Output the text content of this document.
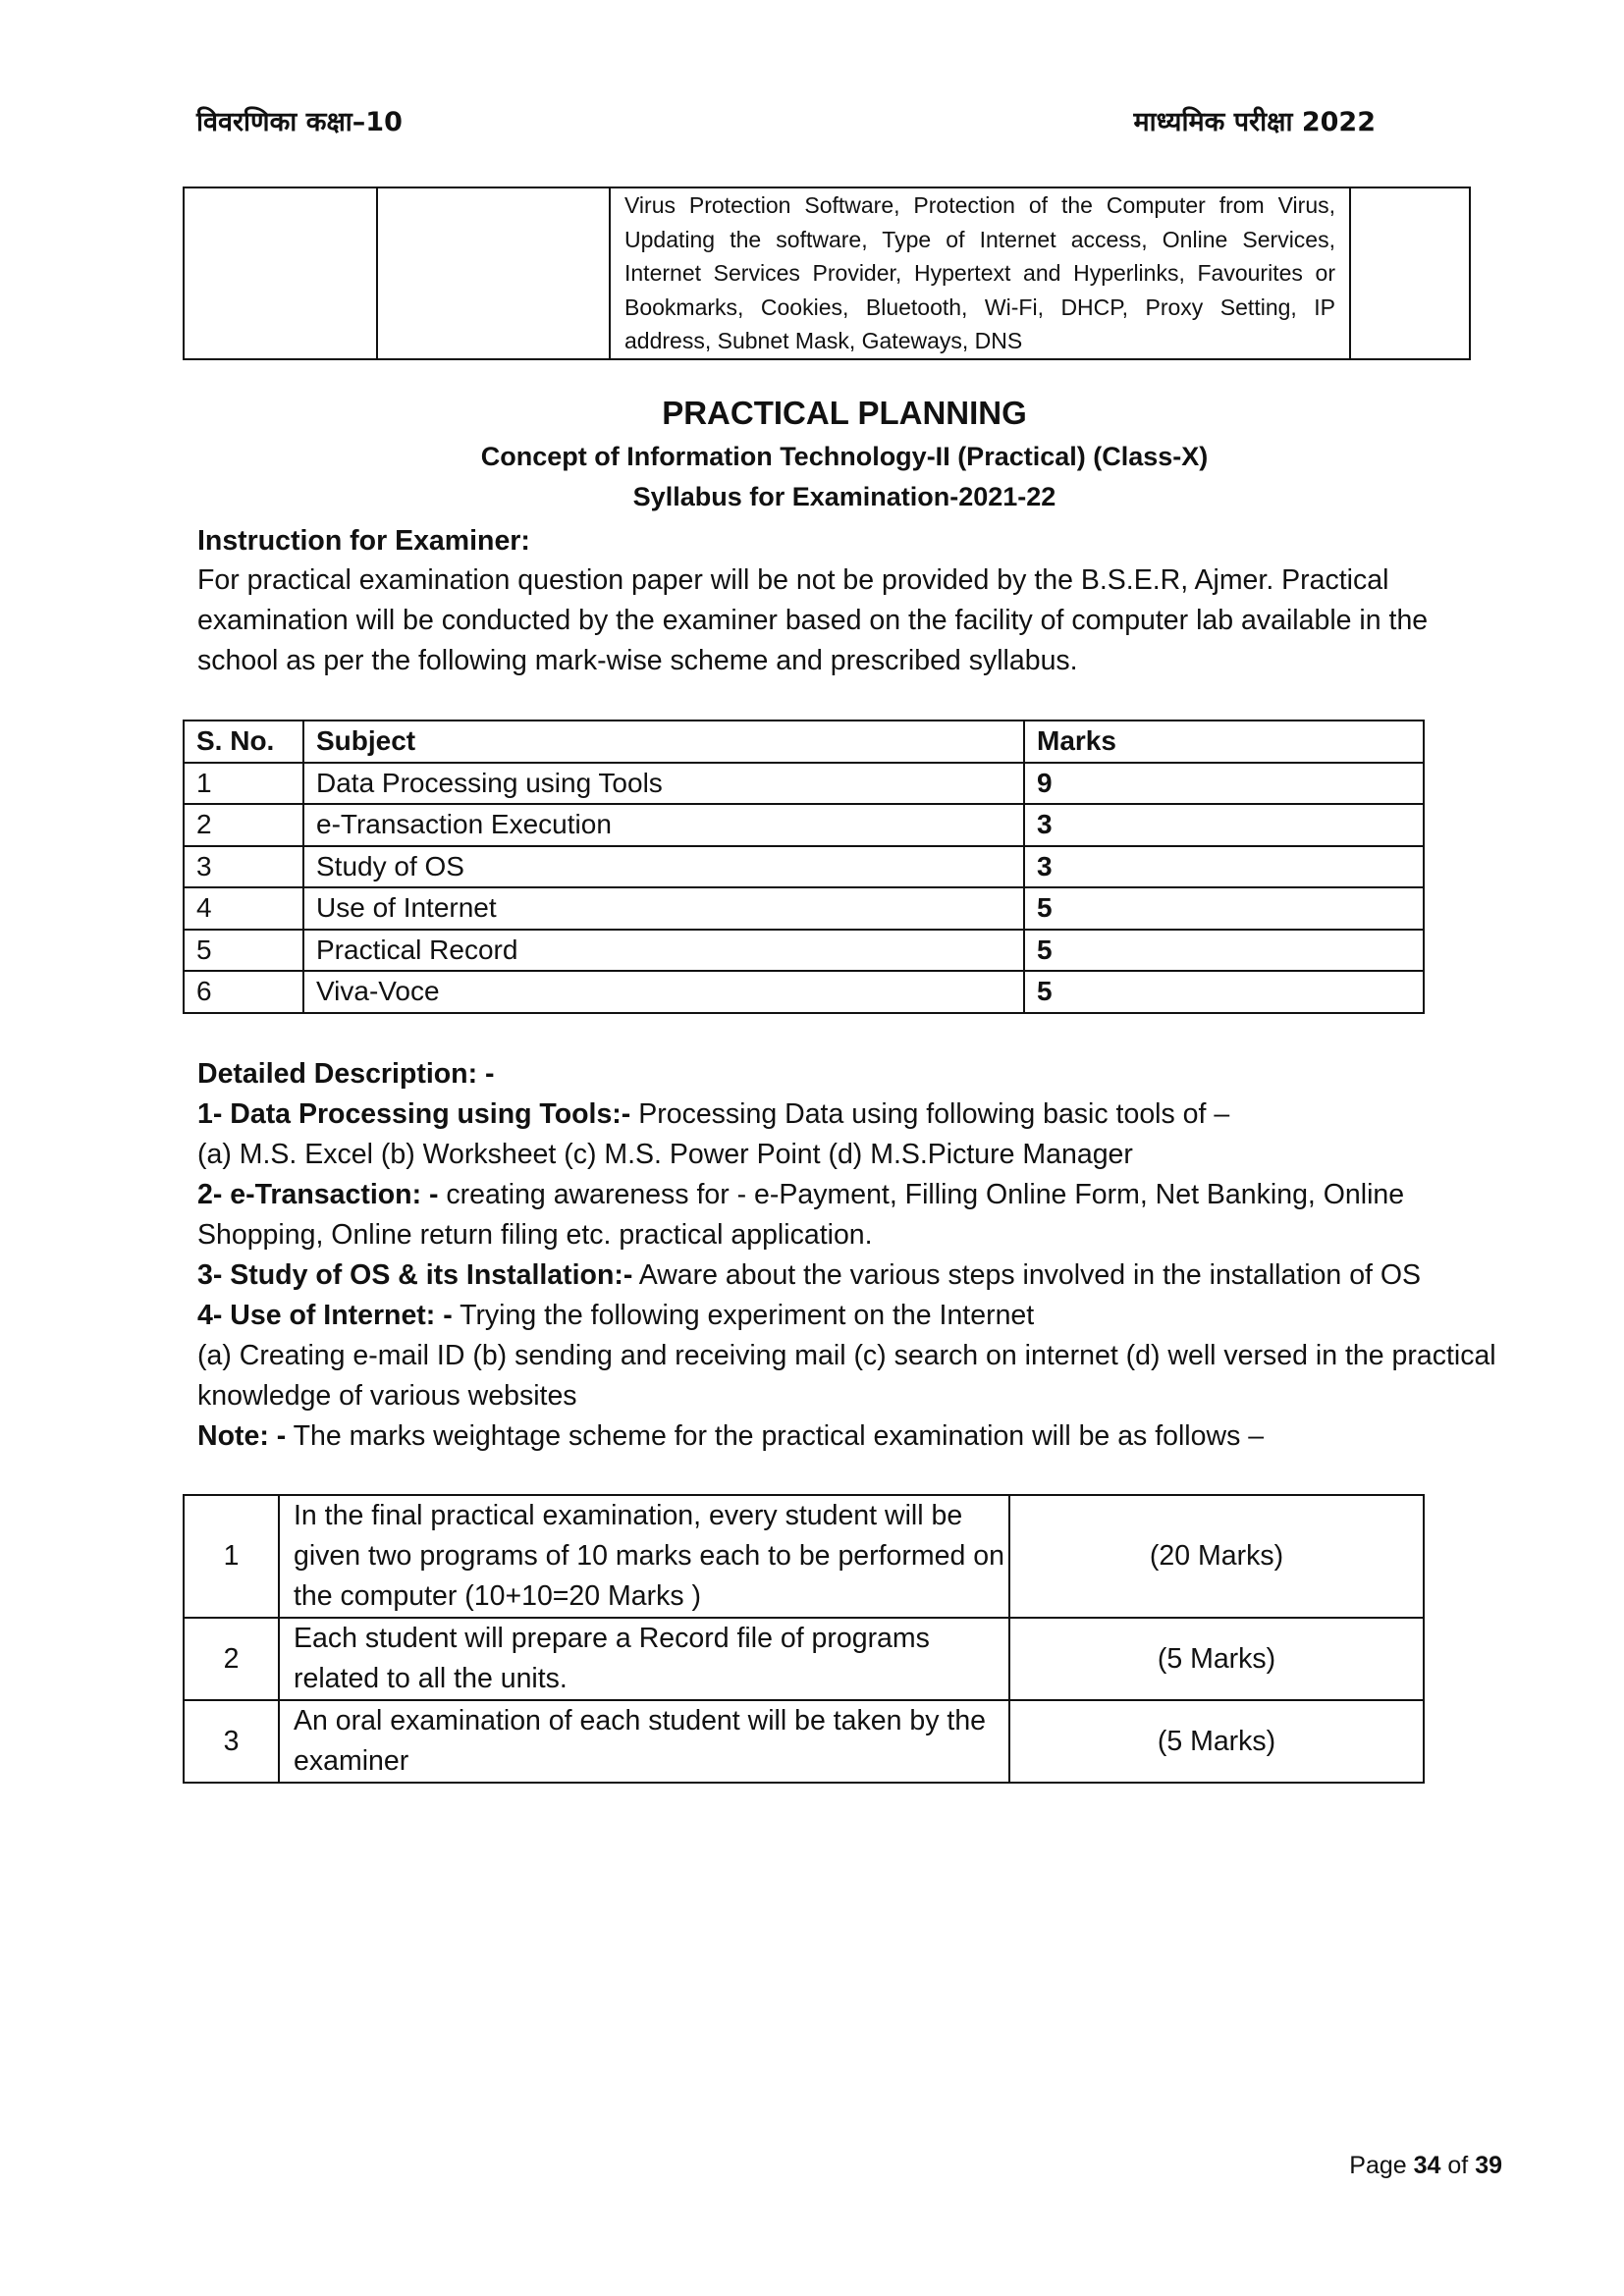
विवरणिका कक्षा–10	माध्यमिक परीक्षा 2022

Virus Protection Software, Protection of the Computer from Virus, Updating the software, Type of Internet access, Online Services, Internet Services Provider, Hypertext and Hyperlinks, Favourites or Bookmarks, Cookies, Bluetooth, Wi-Fi, DHCP, Proxy Setting, IP address, Subnet Mask, Gateways, DNS

PRACTICAL PLANNING
Concept of Information Technology-II (Practical) (Class-X)
Syllabus for Examination-2021-22
Instruction for Examiner:
For practical examination question paper will be not be provided by the B.S.E.R, Ajmer. Practical examination will be conducted by the examiner based on the facility of computer lab available in the school as per the following mark-wise scheme and prescribed syllabus.
S. No.	Subject	Marks
1	Data Processing using Tools	9
2	e-Transaction Execution	3
3	Study of OS	3
4	Use of Internet	5
5	Practical Record	5
6	Viva-Voce	5

Detailed Description: -

1- Data Processing using Tools:- Processing Data using following basic tools of –

(a) M.S. Excel (b) Worksheet (c) M.S. Power Point (d) M.S.Picture Manager

2- e-Transaction: - creating awareness for - e-Payment, Filling Online Form, Net Banking, Online Shopping, Online return filing etc. practical application.

3- Study of OS & its Installation:- Aware about the various steps involved in the installation of OS

4- Use of Internet: - Trying the following experiment on the Internet

(a) Creating e-mail ID (b) sending and receiving mail (c) search on internet (d) well versed in the practical knowledge of various websites

Note: - The marks weightage scheme for the practical examination will be as follows –

1	In the final practical examination, every student will be given two programs of 10 marks each to be performed on the computer (10+10=20 Marks )	(20 Marks)
2	Each student will prepare a Record file of programs related to all the units.	(5 Marks)
3	An oral examination of each student will be taken by the examiner	(5 Marks)
Page 34 of 39
